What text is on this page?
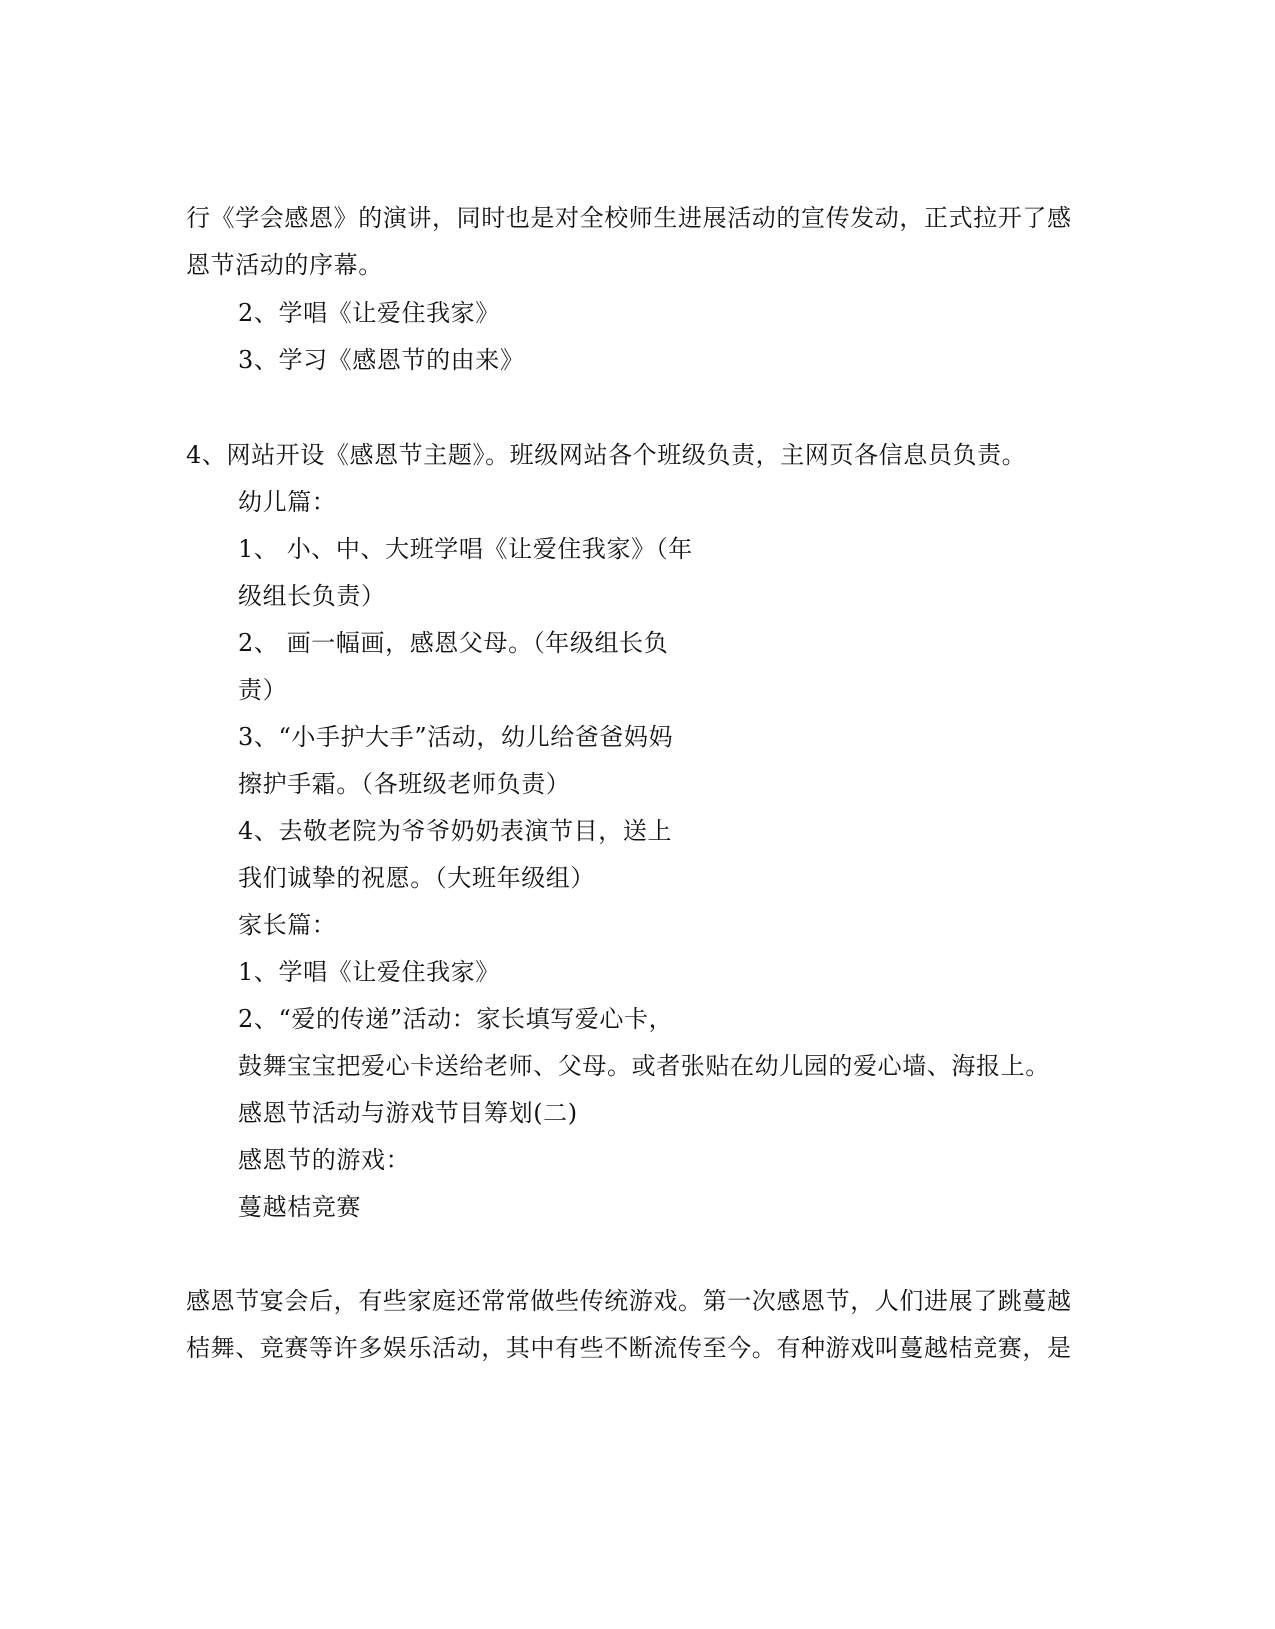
行《学会感恩》的演讲，同时也是对全校师生进展活动的宣传发动，正式拉开了感
恩节活动的序幕。
2、学唱《让爱住我家》
3、学习《感恩节的由来》
4、网站开设《感恩节主题》。班级网站各个班级负责，主网页各信息员负责。
幼儿篇：
1、 小、中、大班学唱《让爱住我家》（年
级组长负责）
2、 画一幅画，感恩父母。（年级组长负
责）
3、“小手护大手”活动，幼儿给爸爸妈妈
擦护手霜。（各班级老师负责）
4、去敬老院为爷爷奶奶表演节目，送上
我们诚挚的祝愿。（大班年级组）
家长篇：
1、学唱《让爱住我家》
2、“爱的传递”活动：家长填写爱心卡，
鼓舞宝宝把爱心卡送给老师、父母。或者张贴在幼儿园的爱心墙、海报上。
感恩节活动与游戏节目筹划(二)
感恩节的游戏：
蔓越桔竞赛
感恩节宴会后，有些家庭还常常做些传统游戏。第一次感恩节，人们进展了跳蔓越
桔舞、竞赛等许多娱乐活动，其中有些不断流传至今。有种游戏叫蔓越桔竞赛，是
